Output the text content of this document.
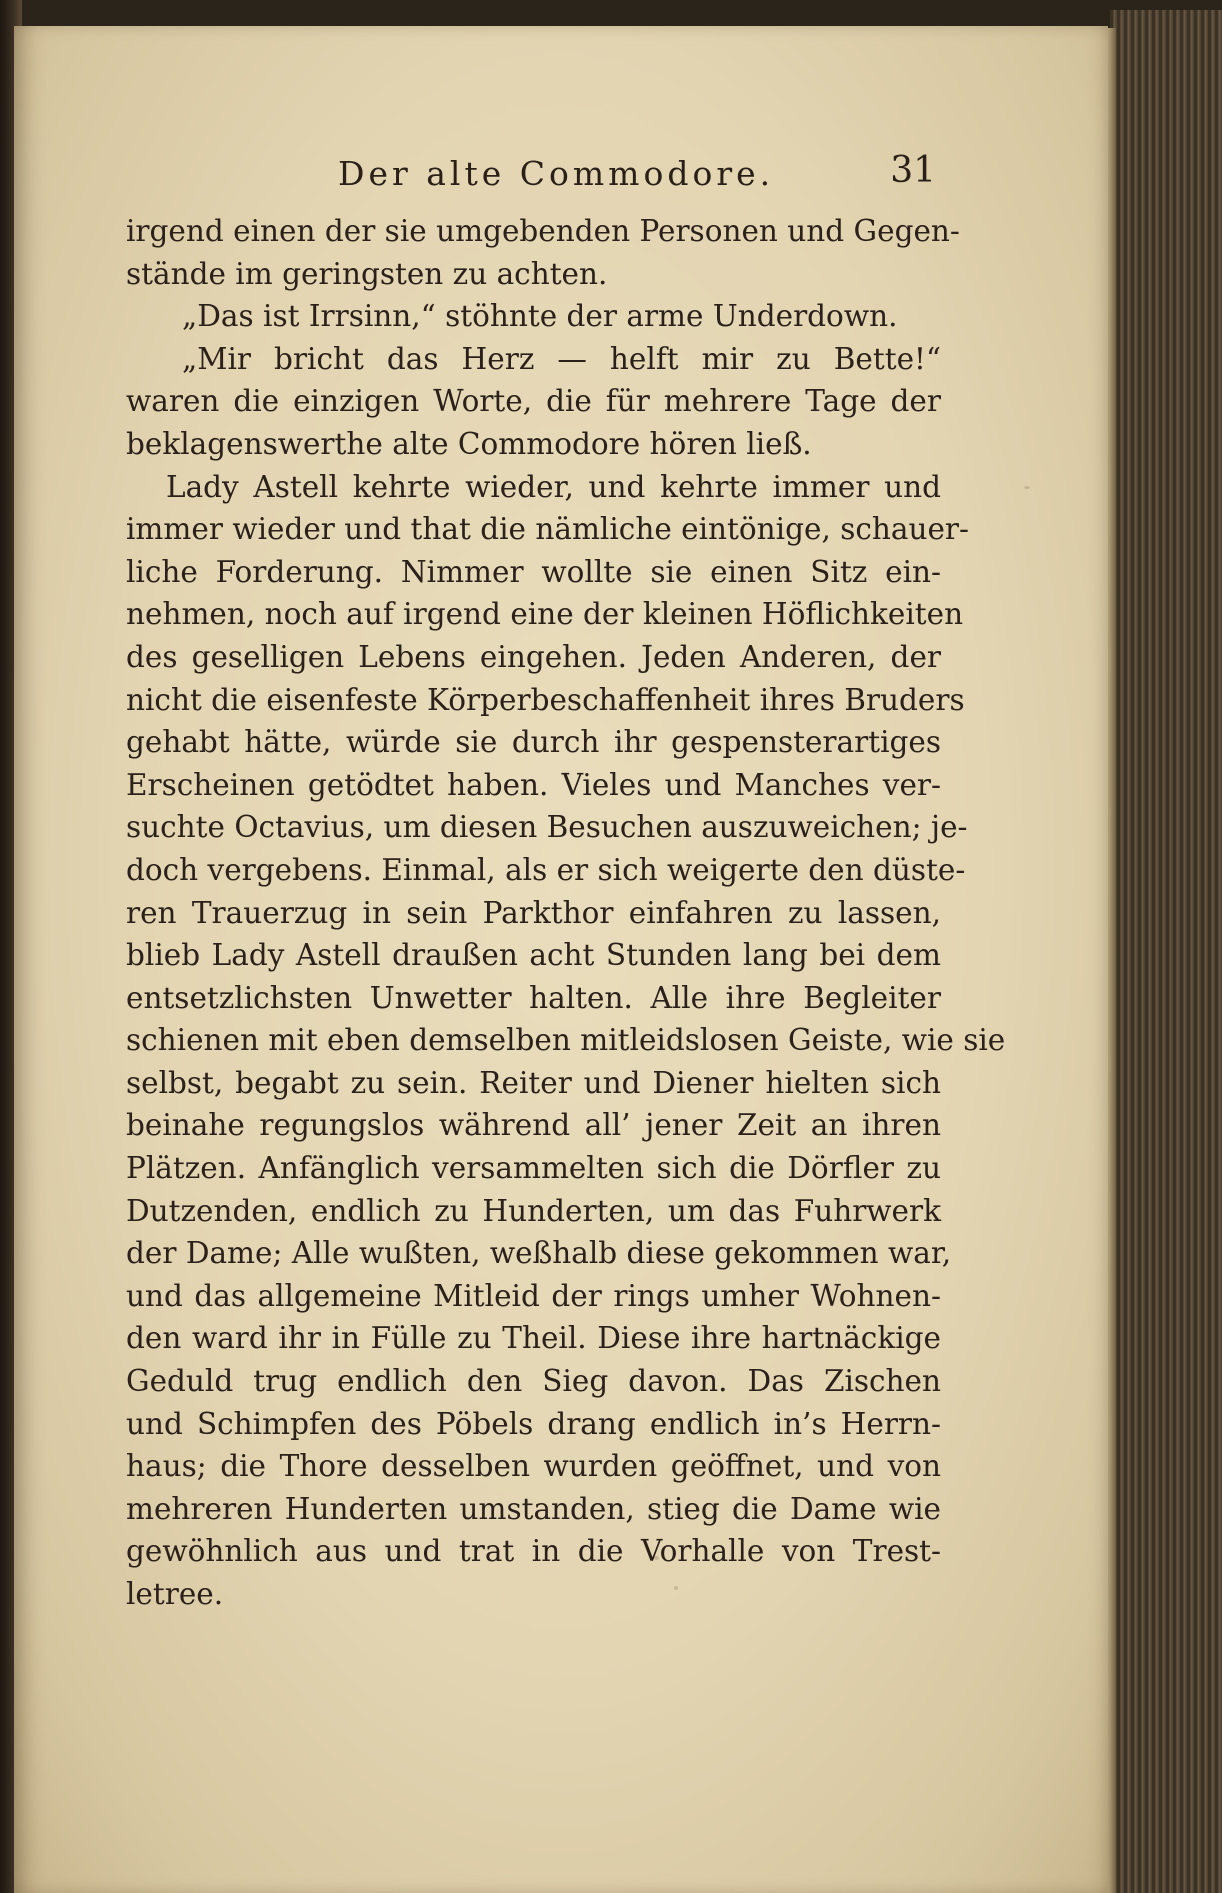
Der alte Commodore.	31
irgend einen der sie umgebenden Personen und Gegen-
stände im geringsten zu achten.
„Das ist Irrsinn,“ stöhnte der arme Underdown.
„Mir bricht das Herz — helft mir zu Bette!“
waren die einzigen Worte, die für mehrere Tage der
beklagenswerthe alte Commodore hören ließ.
Lady Astell kehrte wieder, und kehrte immer und
immer wieder und that die nämliche eintönige, schauer-
liche Forderung. Nimmer wollte sie einen Sitz ein-
nehmen, noch auf irgend eine der kleinen Höflichkeiten
des geselligen Lebens eingehen. Jeden Anderen, der
nicht die eisenfeste Körperbeschaffenheit ihres Bruders
gehabt hätte, würde sie durch ihr gespensterartiges
Erscheinen getödtet haben. Vieles und Manches ver-
suchte Octavius, um diesen Besuchen auszuweichen; je-
doch vergebens. Einmal, als er sich weigerte den düste-
ren Trauerzug in sein Parkthor einfahren zu lassen,
blieb Lady Astell draußen acht Stunden lang bei dem
entsetzlichsten Unwetter halten. Alle ihre Begleiter
schienen mit eben demselben mitleidslosen Geiste, wie sie
selbst, begabt zu sein. Reiter und Diener hielten sich
beinahe regungslos während all’ jener Zeit an ihren
Plätzen. Anfänglich versammelten sich die Dörfler zu
Dutzenden, endlich zu Hunderten, um das Fuhrwerk
der Dame; Alle wußten, weßhalb diese gekommen war,
und das allgemeine Mitleid der rings umher Wohnen-
den ward ihr in Fülle zu Theil. Diese ihre hartnäckige
Geduld trug endlich den Sieg davon. Das Zischen
und Schimpfen des Pöbels drang endlich in’s Herrn-
haus; die Thore desselben wurden geöffnet, und von
mehreren Hunderten umstanden, stieg die Dame wie
gewöhnlich aus und trat in die Vorhalle von Trest-
letree.
